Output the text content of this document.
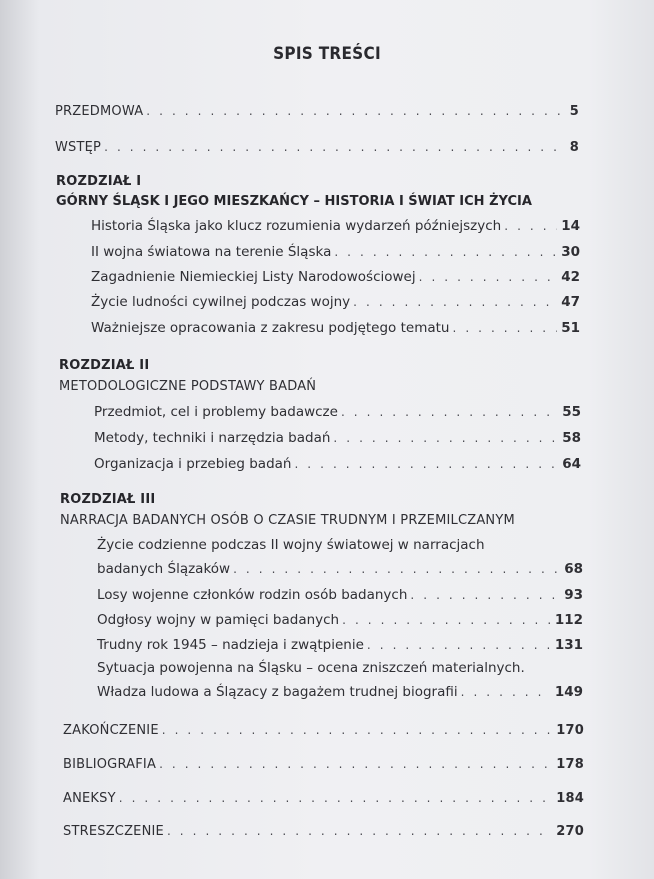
SPIS TREŚCI
PRZEDMOWA . . .	5
WSTĘP . . .	8
ROZDZIAŁ I
GÓRNY ŚLĄSK I JEGO MIESZKAŃCY – HISTORIA I ŚWIAT ICH ŻYCIA
Historia Śląska jako klucz rozumienia wydarzeń późniejszych . . .	14
II wojna światowa na terenie Śląska . . .	30
Zagadnienie Niemieckiej Listy Narodowościowej . . .	42
Życie ludności cywilnej podczas wojny . . .	47
Ważniejsze opracowania z zakresu podjętego tematu . . .	51
ROZDZIAŁ II
METODOLOGICZNE PODSTAWY BADAŃ
Przedmiot, cel i problemy badawcze . . .	55
Metody, techniki i narzędzia badań . . .	58
Organizacja i przebieg badań . . .	64
ROZDZIAŁ III
NARRACJA BADANYCH OSÓB O CZASIE TRUDNYM I PRZEMILCZANYM
Życie codzienne podczas II wojny światowej w narracjach
badanych Ślązaków . . .	68
Losy wojenne członków rodzin osób badanych . . .	93
Odgłosy wojny w pamięci badanych . . .	112
Trudny rok 1945 – nadzieja i zwątpienie . . .	131
Sytuacja powojenna na Śląsku – ocena zniszczeń materialnych.
Władza ludowa a Ślązacy z bagażem trudnej biografii . . .	149
ZAKOŃCZENIE . . .	170
BIBLIOGRAFIA . . .	178
ANEKSY . . .	184
STRESZCZENIE . . .	270
